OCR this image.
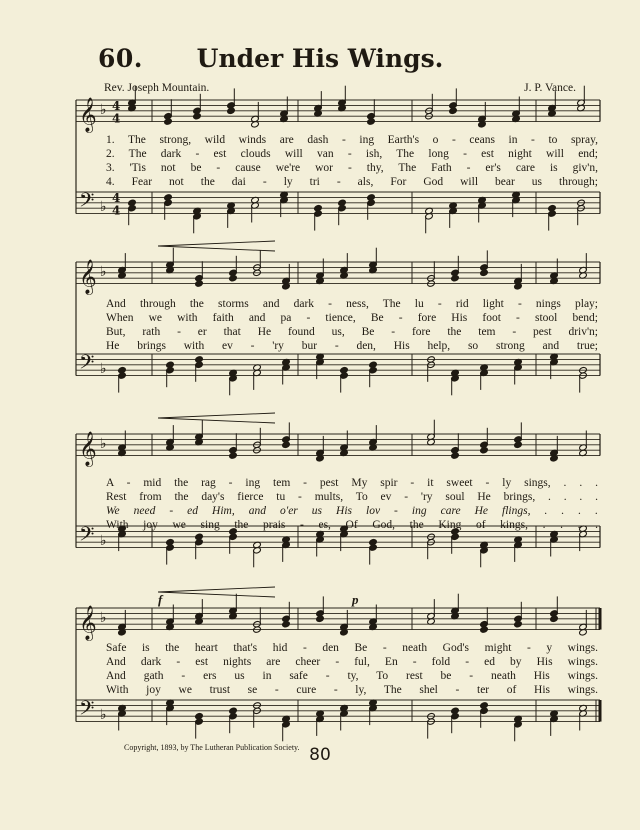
60.	Under His Wings.
Rev. Joseph Mountain.	J. P. Vance.
𝄞 ♭ 4
4
𝄢 ♭
4
4
1. The strong, wild winds are dash - ing Earth's o - ceans in - to spray,
2. The dark - est clouds will van - ish, The long - est night will end;
3. 'Tis not be - cause we're wor - thy, The Fath - er's care is giv'n,
4. Fear not the dai - ly tri - als, For God will bear us through;
𝄞 ♭
𝄢 ♭
And through the storms and dark - ness, The lu - rid light - nings play;
When we with faith and pa - tience, Be - fore His foot - stool bend;
But, rath - er that He found us, Be - fore the tem - pest driv'n;
He brings with ev - 'ry bur - den, His help, so strong and true;
𝄞 ♭
𝄢 ♭
A - mid the rag - ing tem - pest My spir - it sweet - ly sings, . . .
Rest from the day's fierce tu - mults, To ev - 'ry soul He brings, . . . .
We need - ed Him, and o'er us His lov - ing care He flings, . . . .
With joy we sing the prais - es, Of God, the King of kings, . . . .
𝄞 ♭
𝄢 ♭
f	p
Safe is the heart that's hid - den Be - neath God's might - y wings.
And dark - est nights are cheer - ful, En - fold - ed by His wings.
And gath - ers us in safe - ty, To rest be - neath His wings.
With joy we trust se - cure - ly, The shel - ter of His wings.
Copyright, 1893, by The Lutheran Publication Society. 80
